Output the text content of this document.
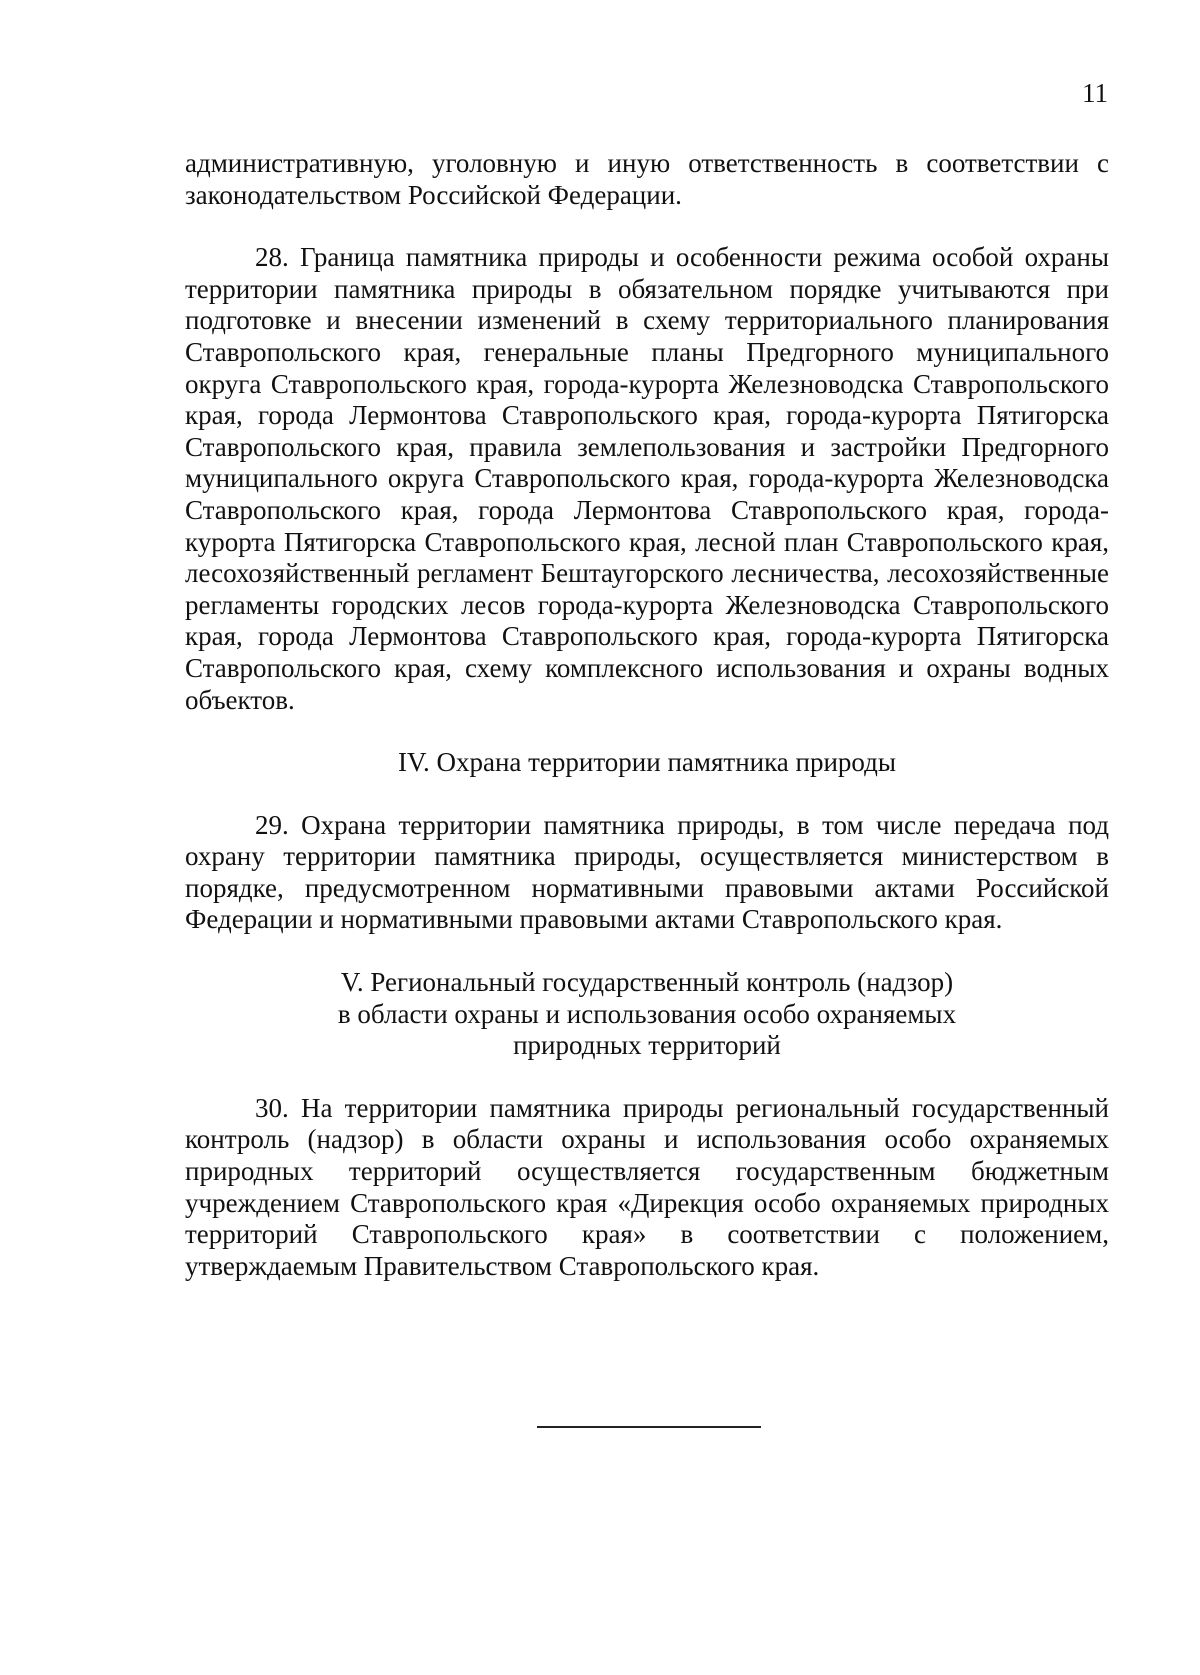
11

административную, уголовную и иную ответственность в соответствии с законодательством Российской Федерации.

28. Граница памятника природы и особенности режима особой охраны территории памятника природы в обязательном порядке учитываются при подготовке и внесении изменений в схему территориального планирования Ставропольского края, генеральные планы Предгорного муниципального округа Ставропольского края, города-курорта Железноводска Ставропольского края, города Лермонтова Ставропольского края, города-курорта Пятигорска Ставропольского края, правила землепользования и застройки Предгорного муниципального округа Ставропольского края, города-курорта Железноводска Ставропольского края, города Лермонтова Ставропольского края, города-курорта Пятигорска Ставропольского края, лесной план Ставропольского края, лесохозяйственный регламент Бештаугорского лесничества, лесохозяйственные регламенты городских лесов города-курорта Железноводска Ставропольского края, города Лермонтова Ставропольского края, города-курорта Пятигорска Ставропольского края, схему комплексного использования и охраны водных объектов.

IV. Охрана территории памятника природы

29. Охрана территории памятника природы, в том числе передача под охрану территории памятника природы, осуществляется министерством в порядке, предусмотренном нормативными правовыми актами Российской Федерации и нормативными правовыми актами Ставропольского края.

V. Региональный государственный контроль (надзор)
в области охраны и использования особо охраняемых
природных территорий

30. На территории памятника природы региональный государственный контроль (надзор) в области охраны и использования особо охраняемых природных территорий осуществляется государственным бюджетным учреждением Ставропольского края «Дирекция особо охраняемых природных территорий Ставропольского края» в соответствии с положением, утверждаемым Правительством Ставропольского края.
